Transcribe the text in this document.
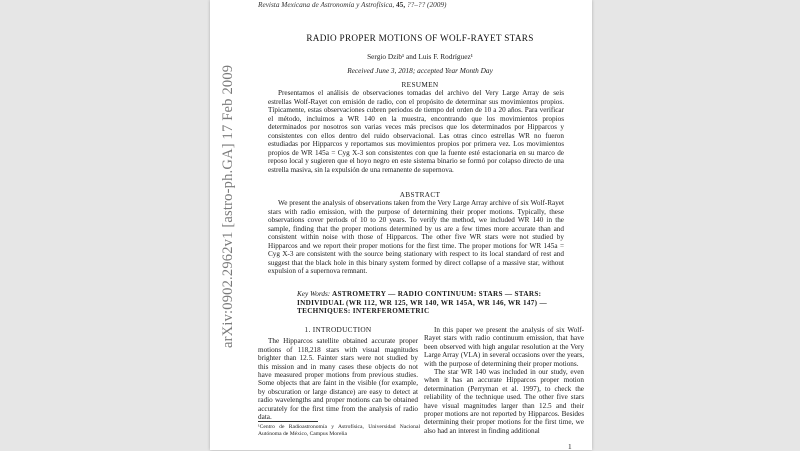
arXiv:0902.2962v1 [astro-ph.GA] 17 Feb 2009
Revista Mexicana de Astronomía y Astrofísica, 45, ??–?? (2009)
RADIO PROPER MOTIONS OF WOLF-RAYET STARS
Sergio Dzib¹ and Luis F. Rodríguez¹
Received June 3, 2018; accepted Year Month Day
RESUMEN

Presentamos el análisis de observaciones tomadas del archivo del Very Large Array de seis estrellas Wolf-Rayet con emisión de radio, con el propósito de determinar sus movimientos propios. Típicamente, estas observaciones cubren periodos de tiempo del orden de 10 a 20 años. Para verificar el método, incluimos a WR 140 en la muestra, encontrando que los movimientos propios determinados por nosotros son varias veces más precisos que los determinados por Hipparcos y consistentes con ellos dentro del ruido observacional. Las otras cinco estrellas WR no fueron estudiadas por Hipparcos y reportamos sus movimientos propios por primera vez. Los movimientos propios de WR 145a = Cyg X-3 son consistentes con que la fuente esté estacionaria en su marco de reposo local y sugieren que el hoyo negro en este sistema binario se formó por colapso directo de una estrella masiva, sin la expulsión de una remanente de supernova.

ABSTRACT

We present the analysis of observations taken from the Very Large Array archive of six Wolf-Rayet stars with radio emission, with the purpose of determining their proper motions. Typically, these observations cover periods of 10 to 20 years. To verify the method, we included WR 140 in the sample, finding that the proper motions determined by us are a few times more accurate than and consistent within noise with those of Hipparcos. The other five WR stars were not studied by Hipparcos and we report their proper motions for the first time. The proper motions for WR 145a = Cyg X-3 are consistent with the source being stationary with respect to its local standard of rest and suggest that the black hole in this binary system formed by direct collapse of a massive star, without expulsion of a supernova remnant.

Key Words: ASTROMETRY — RADIO CONTINUUM: STARS — STARS: INDIVIDUAL (WR 112, WR 125, WR 140, WR 145A, WR 146, WR 147) — TECHNIQUES: INTERFEROMETRIC
1. INTRODUCTION

The Hipparcos satellite obtained accurate proper motions of 118,218 stars with visual magnitudes brighter than 12.5. Fainter stars were not studied by this mission and in many cases these objects do not have measured proper motions from previous studies. Some objects that are faint in the visible (for example, by obscuration or large distance) are easy to detect at radio wavelengths and proper motions can be obtained accurately for the first time from the analysis of radio data.

In this paper we present the analysis of six Wolf-Rayet stars with radio continuum emission, that have been observed with high angular resolution at the Very Large Array (VLA) in several occasions over the years, with the purpose of determining their proper motions.

The star WR 140 was included in our study, even when it has an accurate Hipparcos proper motion determination (Perryman et al. 1997), to check the reliability of the technique used. The other five stars have visual magnitudes larger than 12.5 and their proper motions are not reported by Hipparcos. Besides determining their proper motions for the first time, we also had an interest in finding additional

¹Centro de Radioastronomía y Astrofísica, Universidad Nacional Autónoma de México, Campus Morelia
1
